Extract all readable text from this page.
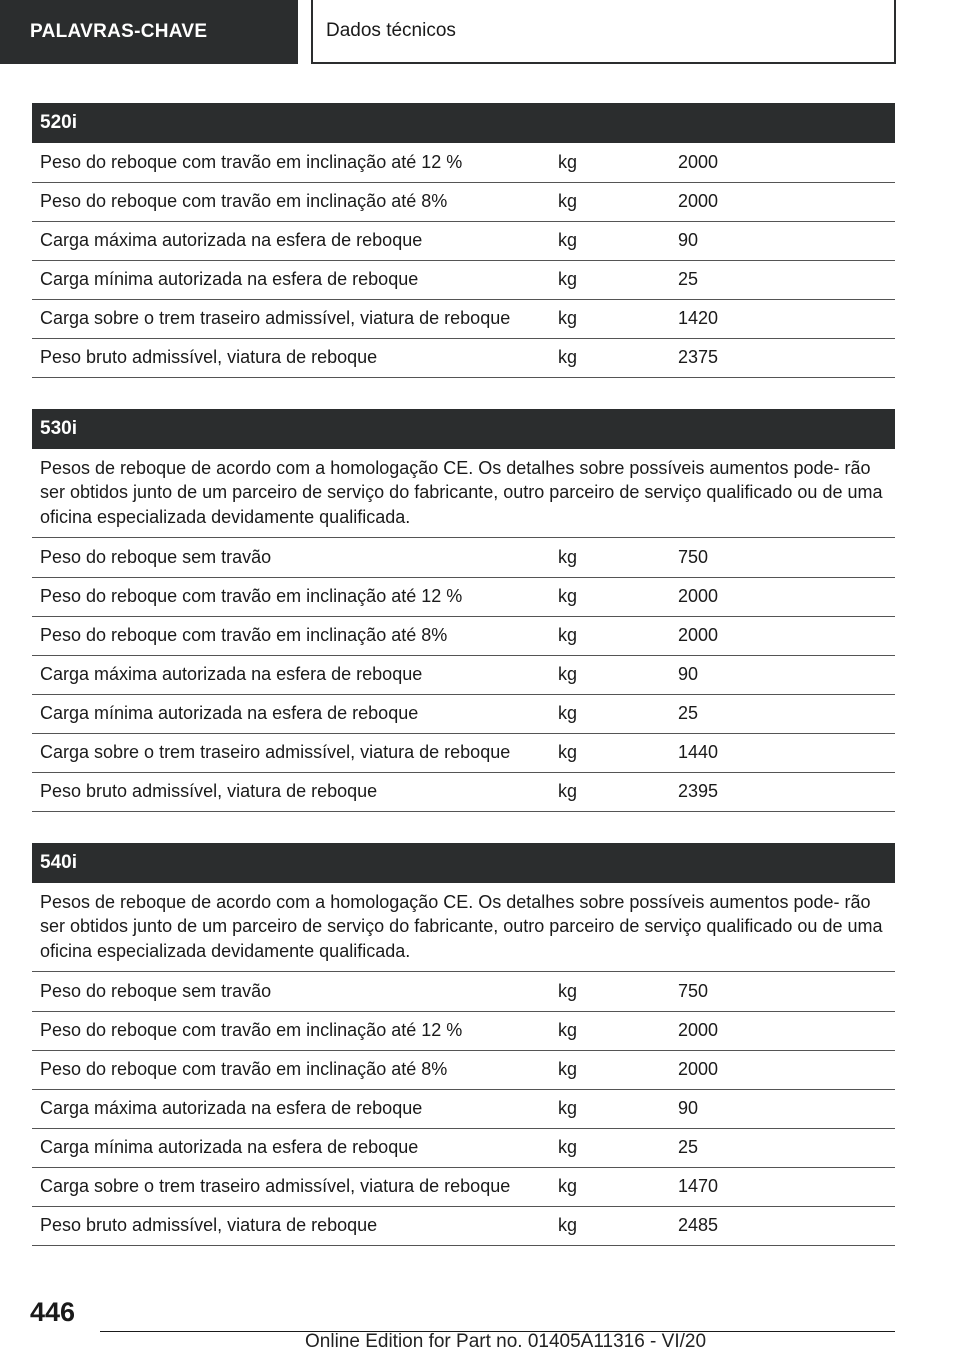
PALAVRAS-CHAVE	Dados técnicos
520i
Peso do reboque com travão em inclinação até 12 %	kg	2000
Peso do reboque com travão em inclinação até 8%	kg	2000
Carga máxima autorizada na esfera de reboque	kg	90
Carga mínima autorizada na esfera de reboque	kg	25
Carga sobre o trem traseiro admissível, viatura de reboque	kg	1420
Peso bruto admissível, viatura de reboque	kg	2375
530i
Pesos de reboque de acordo com a homologação CE. Os detalhes sobre possíveis aumentos pode- rão ser obtidos junto de um parceiro de serviço do fabricante, outro parceiro de serviço qualificado ou de uma oficina especializada devidamente qualificada.
Peso do reboque sem travão	kg	750
Peso do reboque com travão em inclinação até 12 %	kg	2000
Peso do reboque com travão em inclinação até 8%	kg	2000
Carga máxima autorizada na esfera de reboque	kg	90
Carga mínima autorizada na esfera de reboque	kg	25
Carga sobre o trem traseiro admissível, viatura de reboque	kg	1440
Peso bruto admissível, viatura de reboque	kg	2395
540i
Pesos de reboque de acordo com a homologação CE. Os detalhes sobre possíveis aumentos pode- rão ser obtidos junto de um parceiro de serviço do fabricante, outro parceiro de serviço qualificado ou de uma oficina especializada devidamente qualificada.
Peso do reboque sem travão	kg	750
Peso do reboque com travão em inclinação até 12 %	kg	2000
Peso do reboque com travão em inclinação até 8%	kg	2000
Carga máxima autorizada na esfera de reboque	kg	90
Carga mínima autorizada na esfera de reboque	kg	25
Carga sobre o trem traseiro admissível, viatura de reboque	kg	1470
Peso bruto admissível, viatura de reboque	kg	2485
446
Online Edition for Part no. 01405A11316 - VI/20
